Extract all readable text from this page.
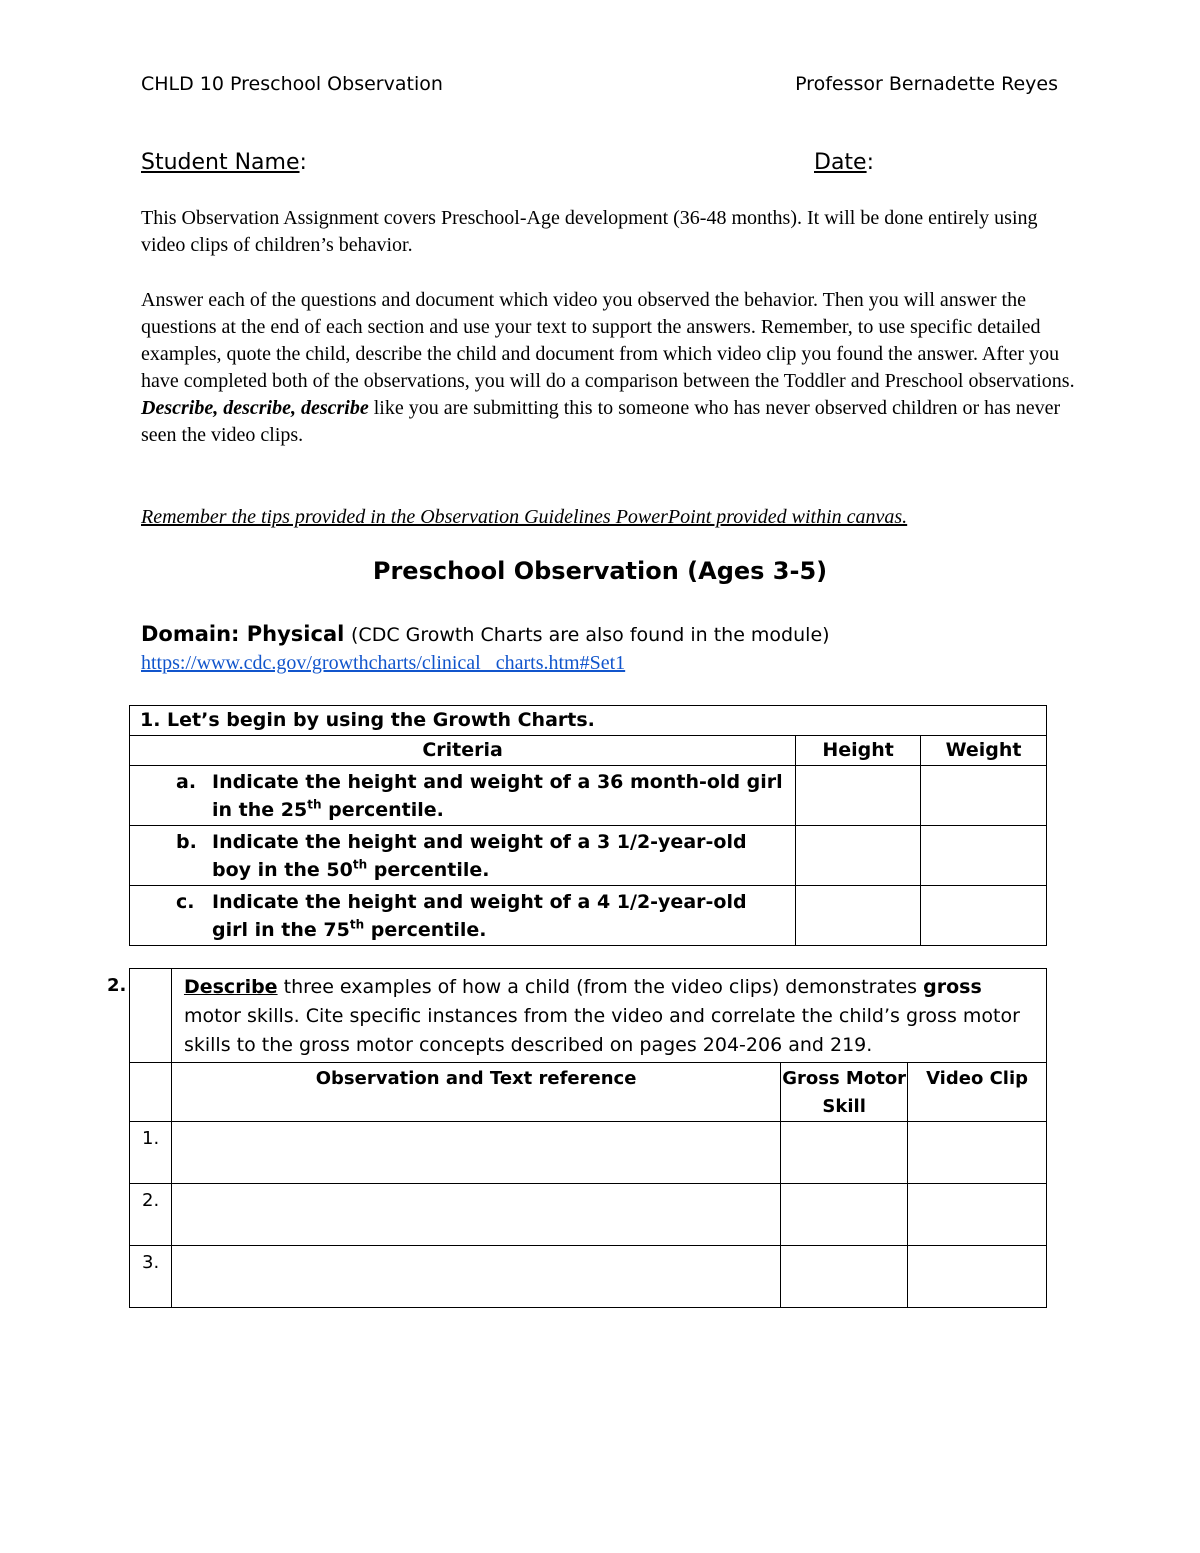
CHLD 10 Preschool Observation	Professor Bernadette Reyes
Student Name:	Date:
This Observation Assignment covers Preschool-Age development (36-48 months). It will be done entirely using video clips of children’s behavior.
Answer each of the questions and document which video you observed the behavior. Then you will answer the questions at the end of each section and use your text to support the answers. Remember, to use specific detailed examples, quote the child, describe the child and document from which video clip you found the answer. After you have completed both of the observations, you will do a comparison between the Toddler and Preschool observations. Describe, describe, describe like you are submitting this to someone who has never observed children or has never seen the video clips.
Remember the tips provided in the Observation Guidelines PowerPoint provided within canvas.
Preschool Observation (Ages 3-5)
Domain: Physical (CDC Growth Charts are also found in the module)
https://www.cdc.gov/growthcharts/clinical_ charts.htm#Set1
1. Let’s begin by using the Growth Charts.		
Criteria	Height	Weight

a. Indicate the height and weight of a 36 month-old girl in the 25th percentile.		

b. Indicate the height and weight of a 3 1/2-year-old boy in the 50th percentile.		

c. Indicate the height and weight of a 4 1/2-year-old girl in the 75th percentile.		

2.
		Describe three examples of how a child (from the video clips) demonstrates gross motor skills. Cite specific instances from the video and correlate the child’s gross motor skills to the gross motor concepts described on pages 204-206 and 219.		
	Observation and Text reference	Gross Motor Skill	Video Clip
1.			
2.			
3.			
